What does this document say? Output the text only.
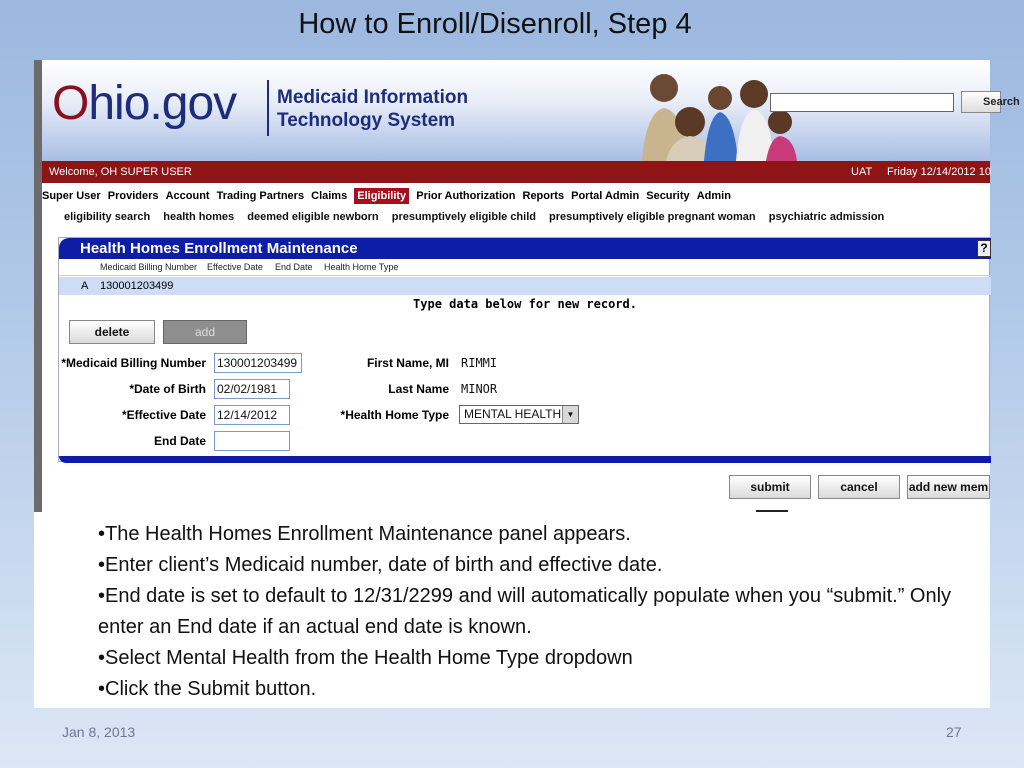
How to Enroll/Disenroll, Step 4
Ohio.gov Medicaid Information
Technology System
Search
Welcome, OH SUPER USER	UAT Friday 12/14/2012 10
Super User Providers Account Trading Partners Claims Eligibility Prior Authorization Reports Portal Admin Security Admin
eligibility search health homes deemed eligible newborn presumptively eligible child presumptively eligible pregnant woman psychiatric admission
Health Homes Enrollment Maintenance	?
Medicaid Billing Number Effective Date End Date Health Home Type
A 130001203499
Type data below for new record.
delete	add
*Medicaid Billing Number 130001203499
*Date of Birth 02/02/1981
*Effective Date 12/14/2012
End Date
First Name, MI RIMMI
Last Name MINOR
*Health Home Type	MENTAL HEALTH ▼
submit	cancel	add new mem
•The Health Homes Enrollment Maintenance panel appears.
•Enter client’s Medicaid number, date of birth and effective date.
•End date is set to default to 12/31/2299 and will automatically populate when you “submit.” Only enter an End date if an actual end date is known.
•Select Mental Health from the Health Home Type dropdown
•Click the Submit button.
Jan 8, 2013	27
